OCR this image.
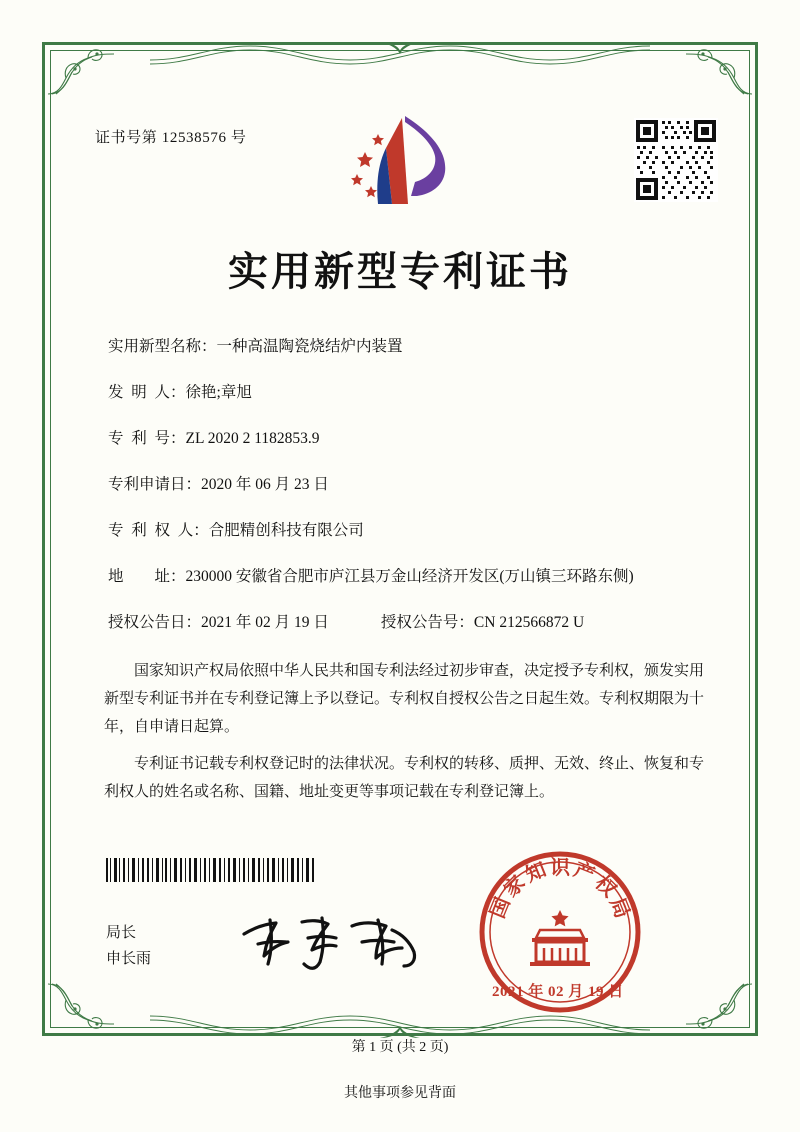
证书号第 12538576 号
实用新型专利证书
实用新型名称： 一种高温陶瓷烧结炉内装置
发  明  人： 徐艳;章旭
专  利  号： ZL 2020 2 1182853.9
专利申请日： 2020 年 06 月 23 日
专  利  权  人： 合肥精创科技有限公司
地        址： 230000 安徽省合肥市庐江县万金山经济开发区(万山镇三环路东侧)
授权公告日： 2021 年 02 月 19 日	授权公告号： CN 212566872 U

国家知识产权局依照中华人民共和国专利法经过初步审查，决定授予专利权，颁发实用新型专利证书并在专利登记簿上予以登记。专利权自授权公告之日起生效。专利权期限为十年，自申请日起算。

专利证书记载专利权登记时的法律状况。专利权的转移、质押、无效、终止、恢复和专利权人的姓名或名称、国籍、地址变更等事项记载在专利登记簿上。

局长
申长雨
国
家
知 识 产
权
局
2021 年 02 月 19 日
第 1 页 (共 2 页)
其他事项参见背面
